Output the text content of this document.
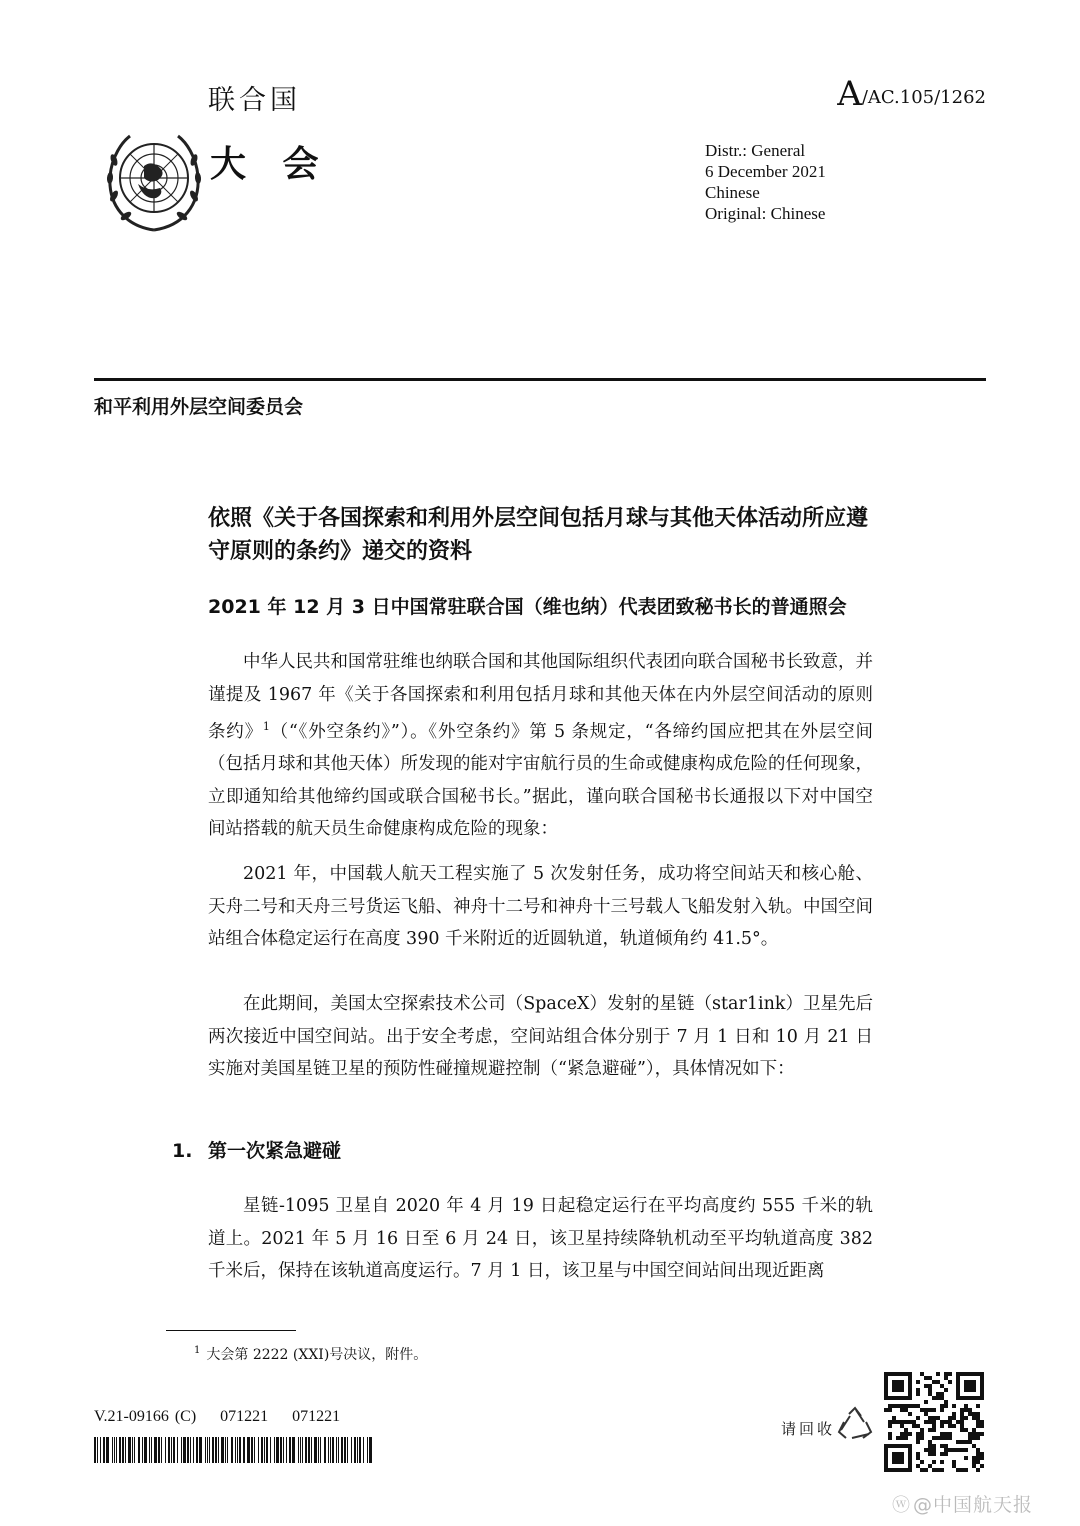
联合国	A/AC.105/1262
大 会	Distr.: General
6 December 2021
Chinese
Original: Chinese
和平利用外层空间委员会
依照《关于各国探索和利用外层空间包括月球与其他天体活动所应遵守原则的条约》递交的资料
2021 年 12 月 3 日中国常驻联合国（维也纳）代表团致秘书长的普通照会
中华人民共和国常驻维也纳联合国和其他国际组织代表团向联合国秘书长致意，并谨提及 1967 年《关于各国探索和利用包括月球和其他天体在内外层空间活动的原则条约》$^1$（“《外空条约》”）。《外空条约》第 5 条规定，“各缔约国应把其在外层空间（包括月球和其他天体）所发现的能对宇宙航行员的生命或健康构成危险的任何现象，立即通知给其他缔约国或联合国秘书长。”据此，谨向联合国秘书长通报以下对中国空间站搭载的航天员生命健康构成危险的现象：
2021 年，中国载人航天工程实施了 5 次发射任务，成功将空间站天和核心舱、天舟二号和天舟三号货运飞船、神舟十二号和神舟十三号载人飞船发射入轨。中国空间站组合体稳定运行在高度 390 千米附近的近圆轨道，轨道倾角约 41.5°。
在此期间，美国太空探索技术公司（SpaceX）发射的星链（star1ink）卫星先后两次接近中国空间站。出于安全考虑，空间站组合体分别于 7 月 1 日和 10 月 21 日实施对美国星链卫星的预防性碰撞规避控制（“紧急避碰”），具体情况如下：
1. 第一次紧急避碰
星链-1095 卫星自 2020 年 4 月 19 日起稳定运行在平均高度约 555 千米的轨道上。2021 年 5 月 16 日至 6 月 24 日，该卫星持续降轨机动至平均轨道高度 382 千米后，保持在该轨道高度运行。7 月 1 日，该卫星与中国空间站间出现近距离
$^1$ 大会第 2222 (XXI)号决议，附件。
V.21-09166 (C)    071221    071221
请回收
ⓦ @中国航天报
